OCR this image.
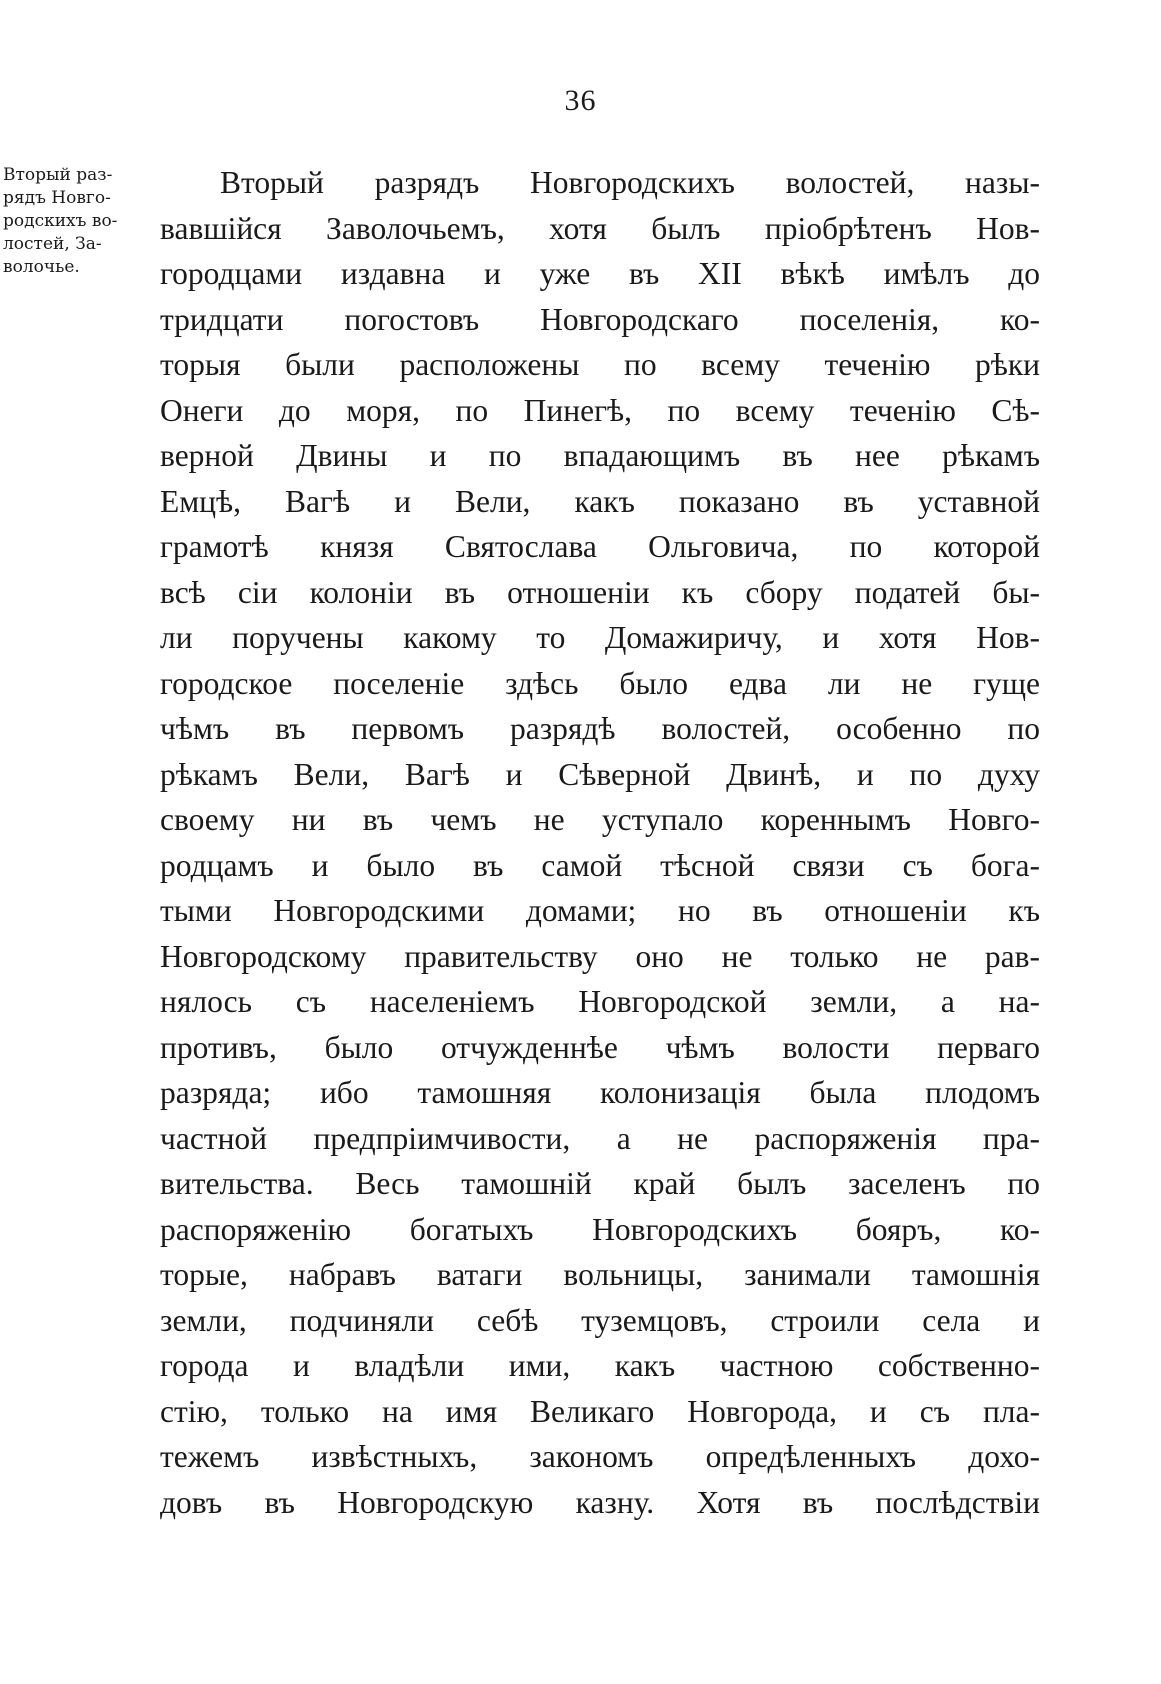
36
Вторый раз-
рядъ Новго-
родскихъ во-
лостей, За-
волочье.
Вторый разрядъ Новгородскихъ волостей, назы-
вавшійся Заволочьемъ, хотя былъ пріобрѣтенъ Нов-
городцами издавна и уже въ XII вѣкѣ имѣлъ до
тридцати погостовъ Новгородскаго поселенія, ко-
торыя были расположены по всему теченію рѣки
Онеги до моря, по Пинегѣ, по всему теченію Сѣ-
верной Двины и по впадающимъ въ нее рѣкамъ
Емцѣ, Вагѣ и Вели, какъ показано въ уставной
грамотѣ князя Святослава Ольговича, по которой
всѣ сіи колоніи въ отношеніи къ сбору податей бы-
ли поручены какому то Домажиричу, и хотя Нов-
городское поселеніе здѣсь было едва ли не гуще
чѣмъ въ первомъ разрядѣ волостей, особенно по
рѣкамъ Вели, Вагѣ и Сѣверной Двинѣ, и по духу
своему ни въ чемъ не уступало кореннымъ Новго-
родцамъ и было въ самой тѣсной связи съ бога-
тыми Новгородскими домами; но въ отношеніи къ
Новгородскому правительству оно не только не рав-
нялось съ населеніемъ Новгородской земли, а на-
противъ, было отчужденнѣе чѣмъ волости перваго
разряда; ибо тамошняя колонизація была плодомъ
частной предпріимчивости, а не распоряженія пра-
вительства. Весь тамошній край былъ заселенъ по
распоряженію богатыхъ Новгородскихъ бояръ, ко-
торые, набравъ ватаги вольницы, занимали тамошнія
земли, подчиняли себѣ туземцовъ, строили села и
города и владѣли ими, какъ частною собственно-
стію, только на имя Великаго Новгорода, и съ пла-
тежемъ извѣстныхъ, закономъ опредѣленныхъ дохо-
довъ въ Новгородскую казну. Хотя въ послѣдствіи
